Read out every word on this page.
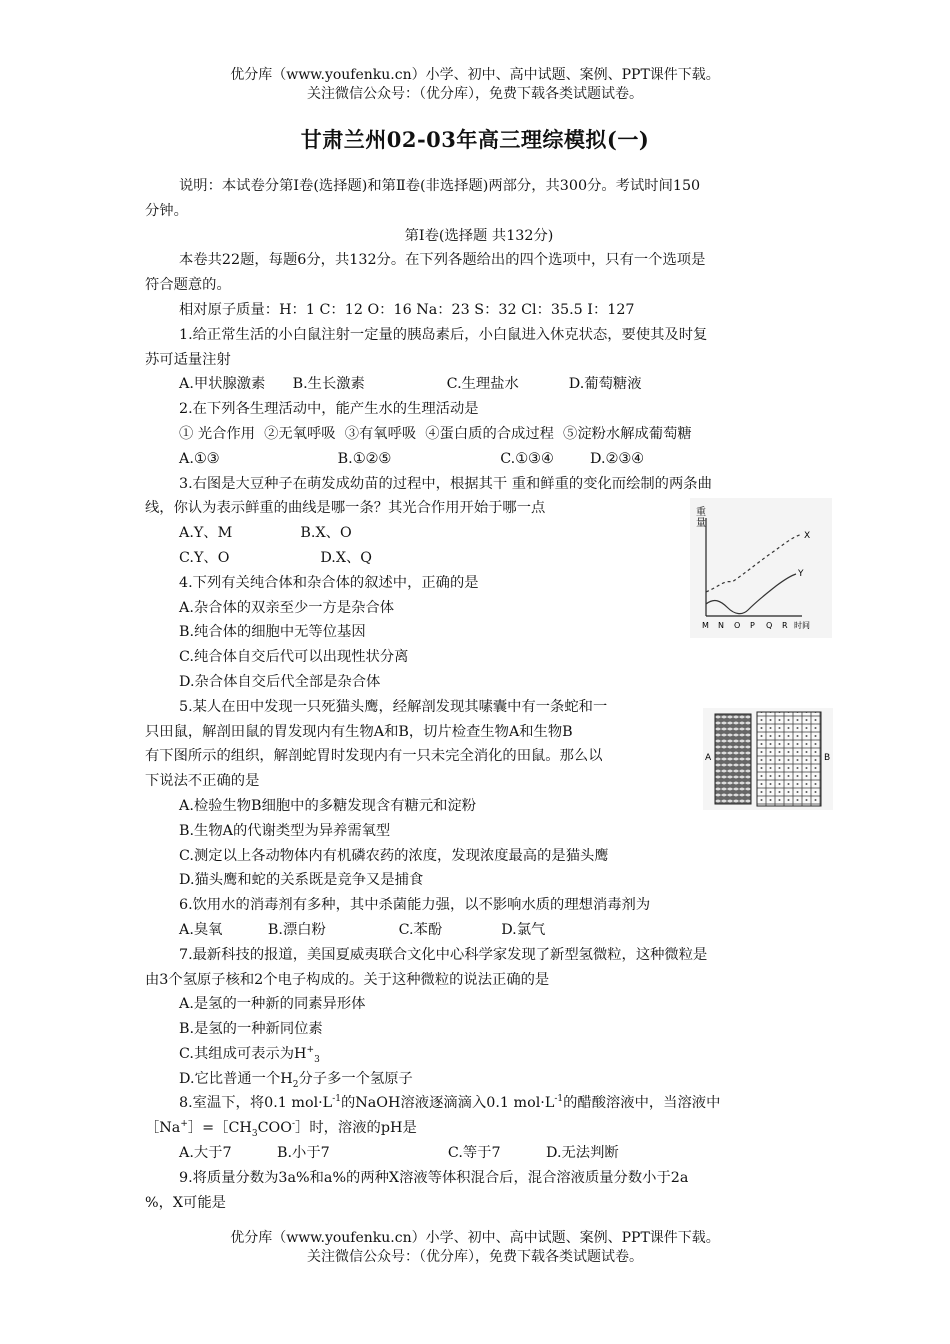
优分库（www.youfenku.cn）小学、初中、高中试题、案例、PPT课件下载。
关注微信公众号：（优分库），免费下载各类试题试卷。
甘肃兰州02-03年高三理综模拟(一)

说明：本试卷分第Ⅰ卷(选择题)和第Ⅱ卷(非选择题)两部分，共300分。考试时间150

分钟。

第Ⅰ卷(选择题 共132分)

本卷共22题，每题6分，共132分。在下列各题给出的四个选项中，只有一个选项是

符合题意的。

相对原子质量：H：1 C：12 O：16 Na：23 S：32 Cl：35.5 I：127

1.给正常生活的小白鼠注射一定量的胰岛素后，小白鼠进入休克状态，要使其及时复

苏可适量注射

A.甲状腺激素      B.生长激素                  C.生理盐水           D.葡萄糖液

2.在下列各生理活动中，能产生水的生理活动是

① 光合作用  ②无氧呼吸  ③有氧呼吸  ④蛋白质的合成过程  ⑤淀粉水解成葡萄糖

A.①③                          B.①②⑤                        C.①③④        D.②③④

3.右图是大豆种子在萌发成幼苗的过程中，根据其干 重和鲜重的变化而绘制的两条曲

线，你认为表示鲜重的曲线是哪一条？其光合作用开始于哪一点

A.Y、M               B.X、O

C.Y、O                    D.X、Q

4.下列有关纯合体和杂合体的叙述中，正确的是

A.杂合体的双亲至少一方是杂合体

B.纯合体的细胞中无等位基因

C.纯合体自交后代可以出现性状分离

D.杂合体自交后代全部是杂合体

5.某人在田中发现一只死猫头鹰，经解剖发现其嗉囊中有一条蛇和一

只田鼠，解剖田鼠的胃发现内有生物A和B，切片检查生物A和生物B

有下图所示的组织，解剖蛇胃时发现内有一只未完全消化的田鼠。那么以

下说法不正确的是

A.检验生物B细胞中的多糖发现含有糖元和淀粉

B.生物A的代谢类型为异养需氧型

C.测定以上各动物体内有机磷农药的浓度，发现浓度最高的是猫头鹰

D.猫头鹰和蛇的关系既是竞争又是捕食

6.饮用水的消毒剂有多种，其中杀菌能力强，以不影响水质的理想消毒剂为

A.臭氧          B.漂白粉                C.苯酚             D.氯气

7.最新科技的报道，美国夏威夷联合文化中心科学家发现了新型氢微粒，这种微粒是

由3个氢原子核和2个电子构成的。关于这种微粒的说法正确的是

A.是氢的一种新的同素异形体

B.是氢的一种新同位素

C.其组成可表示为$H^+_3$

D.它比普通一个$H_2$分子多一个氢原子

8.室温下，将0.1 $mol\cdot L^{-1}$的NaOH溶液逐滴滴入0.1 $mol\cdot L^{-1}$的醋酸溶液中，当溶液中

$[Na^+]=[CH_3COO^-]$时，溶液的pH是

A.大于7          B.小于7                          C.等于7          D.无法判断

9.将质量分数为3a%和a%的两种X溶液等体积混合后，混合溶液质量分数小于2a

%，X可能是

重
量
X
Y
M N O P Q R 时间
A	B
优分库（www.youfenku.cn）小学、初中、高中试题、案例、PPT课件下载。
关注微信公众号：（优分库），免费下载各类试题试卷。
